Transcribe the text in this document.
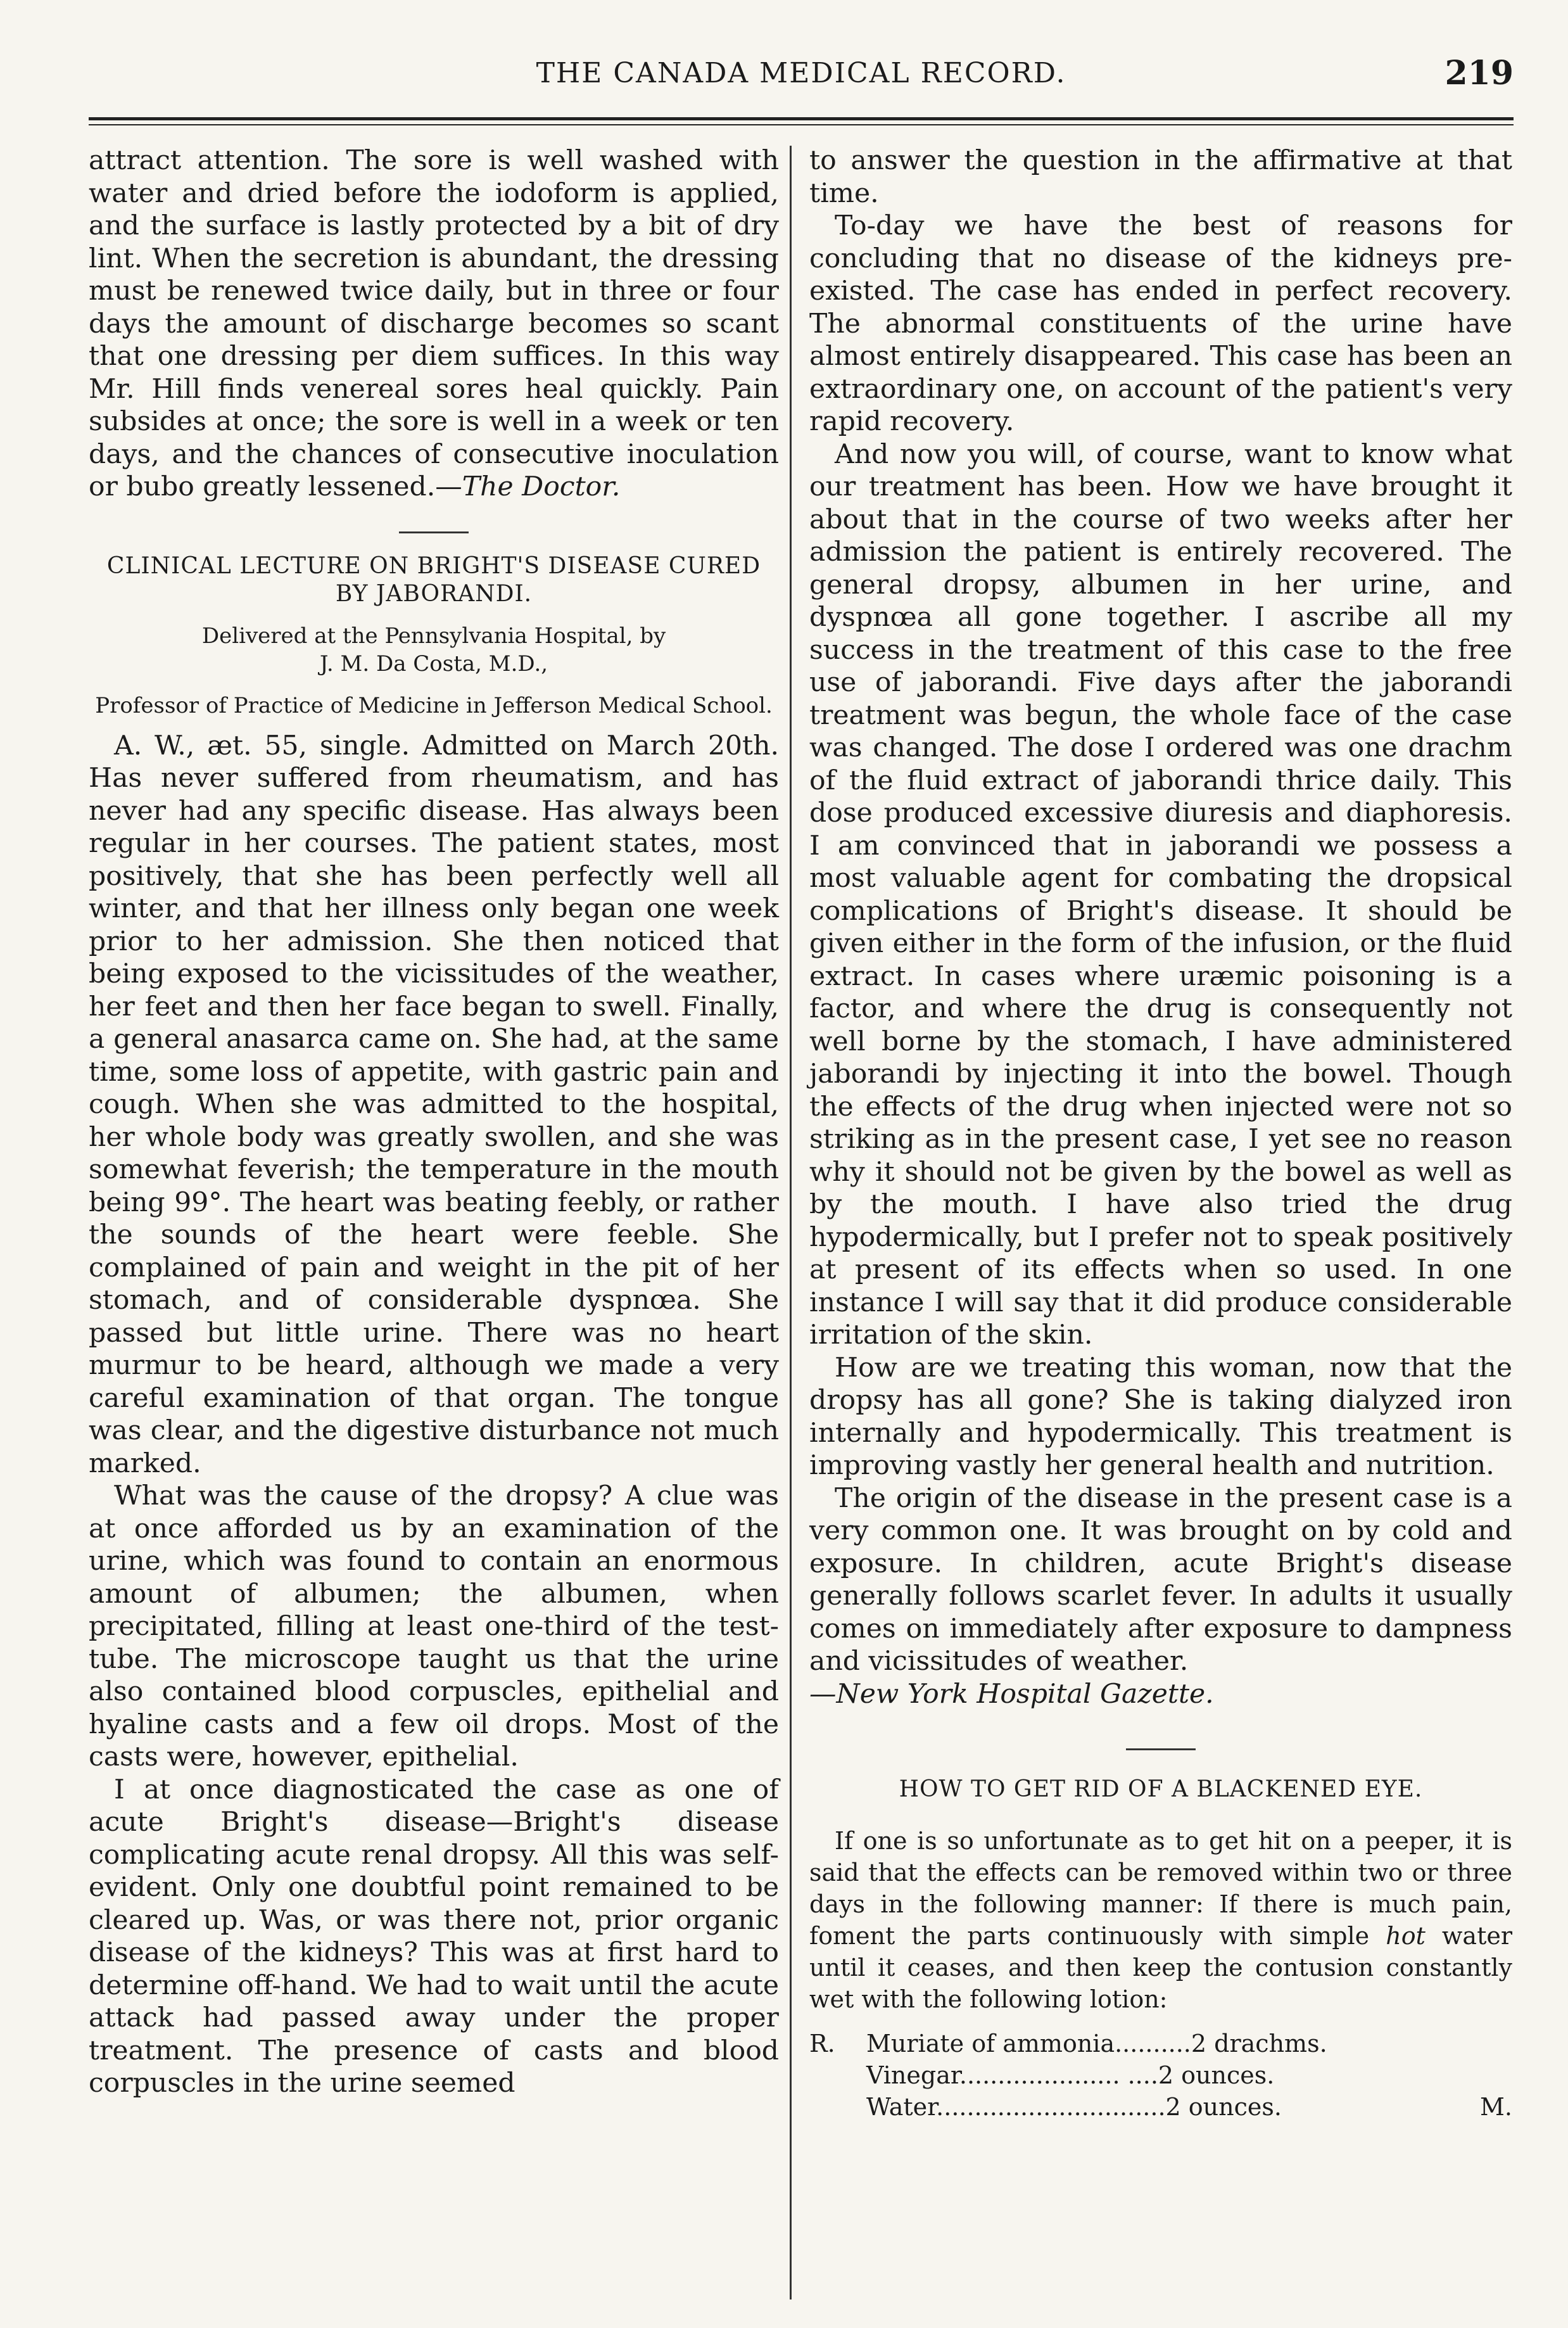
THE CANADA MEDICAL RECORD.	219

attract attention. The sore is well washed with water and dried before the iodoform is applied, and the surface is lastly protected by a bit of dry lint. When the secretion is abundant, the dressing must be renewed twice daily, but in three or four days the amount of discharge becomes so scant that one dressing per diem suffices. In this way Mr. Hill finds venereal sores heal quickly. Pain subsides at once; the sore is well in a week or ten days, and the chances of consecutive inoculation or bubo greatly lessened.—The Doctor.

CLINICAL LECTURE ON BRIGHT'S DISEASE CURED BY JABORANDI.

Delivered at the Pennsylvania Hospital, by

J. M. Da Costa, M.D.,

Professor of Practice of Medicine in Jefferson Medical School.

A. W., æt. 55, single. Admitted on March 20th. Has never suffered from rheumatism, and has never had any specific disease. Has always been regular in her courses. The patient states, most positively, that she has been perfectly well all winter, and that her illness only began one week prior to her admission. She then noticed that being exposed to the vicissitudes of the weather, her feet and then her face began to swell. Finally, a general anasarca came on. She had, at the same time, some loss of appetite, with gastric pain and cough. When she was admitted to the hospital, her whole body was greatly swollen, and she was somewhat feverish; the temperature in the mouth being 99°. The heart was beating feebly, or rather the sounds of the heart were feeble. She complained of pain and weight in the pit of her stomach, and of considerable dyspnœa. She passed but little urine. There was no heart murmur to be heard, although we made a very careful examination of that organ. The tongue was clear, and the digestive disturbance not much marked.

What was the cause of the dropsy? A clue was at once afforded us by an examination of the urine, which was found to contain an enormous amount of albumen; the albumen, when precipitated, filling at least one-third of the test-tube. The microscope taught us that the urine also contained blood corpuscles, epithelial and hyaline casts and a few oil drops. Most of the casts were, however, epithelial.

I at once diagnosticated the case as one of acute Bright's disease—Bright's disease complicating acute renal dropsy. All this was self-evident. Only one doubtful point remained to be cleared up. Was, or was there not, prior organic disease of the kidneys? This was at first hard to determine off-hand. We had to wait until the acute attack had passed away under the proper treatment. The presence of casts and blood corpuscles in the urine seemed

to answer the question in the affirmative at that time.

To-day we have the best of reasons for concluding that no disease of the kidneys pre-existed. The case has ended in perfect recovery. The abnormal constituents of the urine have almost entirely disappeared. This case has been an extraordinary one, on account of the patient's very rapid recovery.

And now you will, of course, want to know what our treatment has been. How we have brought it about that in the course of two weeks after her admission the patient is entirely recovered. The general dropsy, albumen in her urine, and dyspnœa all gone together. I ascribe all my success in the treatment of this case to the free use of jaborandi. Five days after the jaborandi treatment was begun, the whole face of the case was changed. The dose I ordered was one drachm of the fluid extract of jaborandi thrice daily. This dose produced excessive diuresis and diaphoresis. I am convinced that in jaborandi we possess a most valuable agent for combating the dropsical complications of Bright's disease. It should be given either in the form of the infusion, or the fluid extract. In cases where uræmic poisoning is a factor, and where the drug is consequently not well borne by the stomach, I have administered jaborandi by injecting it into the bowel. Though the effects of the drug when injected were not so striking as in the present case, I yet see no reason why it should not be given by the bowel as well as by the mouth. I have also tried the drug hypodermically, but I prefer not to speak positively at present of its effects when so used. In one instance I will say that it did produce considerable irritation of the skin.

How are we treating this woman, now that the dropsy has all gone? She is taking dialyzed iron internally and hypodermically. This treatment is improving vastly her general health and nutrition.

The origin of the disease in the present case is a very common one. It was brought on by cold and exposure. In children, acute Bright's disease generally follows scarlet fever. In adults it usually comes on immediately after exposure to dampness and vicissitudes of weather.

—New York Hospital Gazette.

HOW TO GET RID OF A BLACKENED EYE.

If one is so unfortunate as to get hit on a peeper, it is said that the effects can be removed within two or three days in the following manner: If there is much pain, foment the parts continuously with simple hot water until it ceases, and then keep the contusion constantly wet with the following lotion:

R.	Muriate of ammonia..........2 drachms.
Vinegar..................... ....2 ounces.
Water..............................2 ounces.	M.
